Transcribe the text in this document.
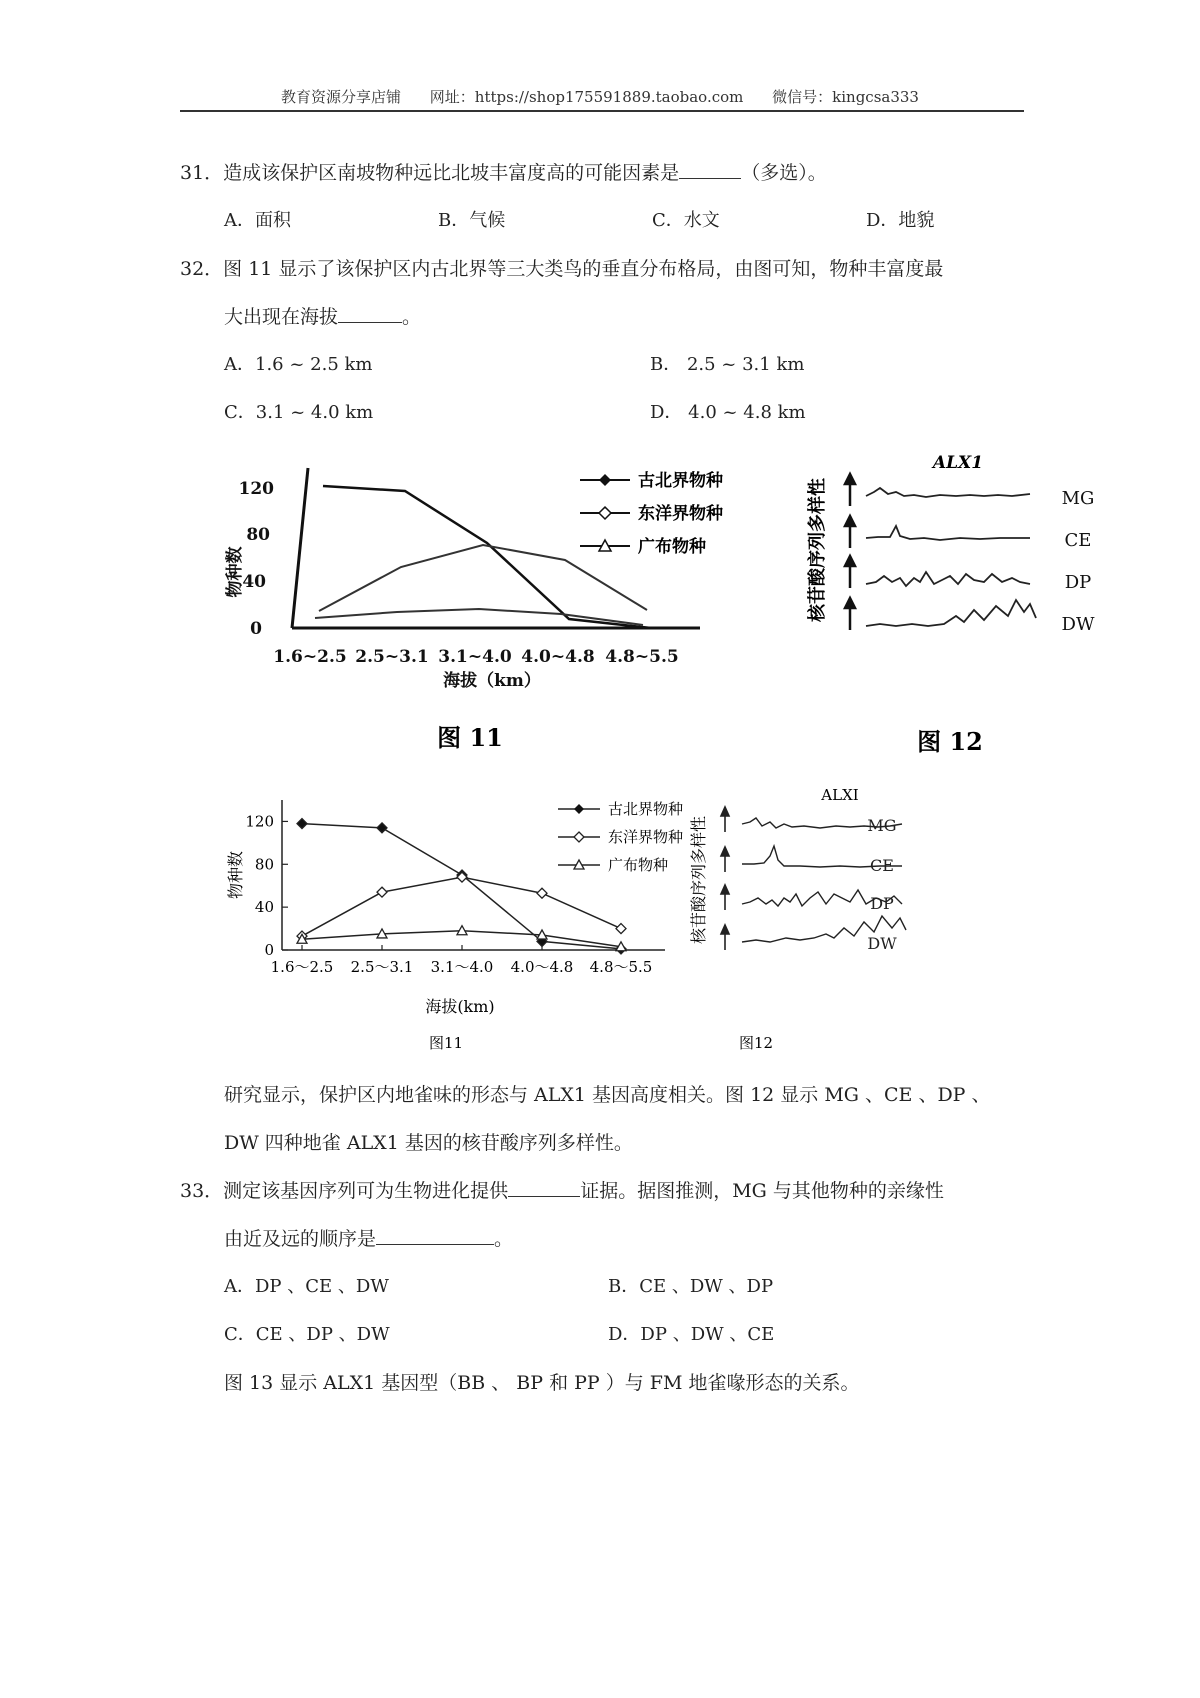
教育资源分享店铺 网址：https://shop175591889.taobao.com 微信号：kingcsa333
31．造成该保护区南坡物种远比北坡丰富度高的可能因素是	（多选）。
A．面积	B．气候	C．水文	D．地貌
32．图 11 显示了该保护区内古北界等三大类鸟的垂直分布格局，由图可知，物种丰富度最
大出现在海拔	。
A．1.6 ~ 2.5 km	B． 2.5 ~ 3.1 km
C．3.1 ~ 4.0 km	D． 4.0 ~ 4.8 km
0
40
80
120
1.6~2.5 2.5~3.1 3.1~4.0 4.0~4.8 4.8~5.5
海拔（km）
物种数
古北界物种
东洋界物种
广布物种
图 11
ALX1
核苷酸序列多样性	MG
CE
DP
DW
图 12
物种数
海拔(km)
图11
0
40
80
120
1.6～2.5 2.5～3.1 3.1～4.0 4.0～4.8 4.8～5.5
古北界物种
东洋界物种
广布物种
ALXI
核苷酸序列多样性	MG
CE
DP
DW
图12
研究显示，保护区内地雀味的形态与 ALX1 基因高度相关。图 12 显示 MG 、CE 、DP 、
DW 四种地雀 ALX1 基因的核苷酸序列多样性。
33．测定该基因序列可为生物进化提供	证据。据图推测，MG 与其他物种的亲缘性
由近及远的顺序是	。
A．DP 、CE 、DW	B．CE 、DW 、DP
C．CE 、DP 、DW	D．DP 、DW 、CE
图 13 显示 ALX1 基因型（BB 、 BP 和 PP ）与 FM 地雀喙形态的关系。
